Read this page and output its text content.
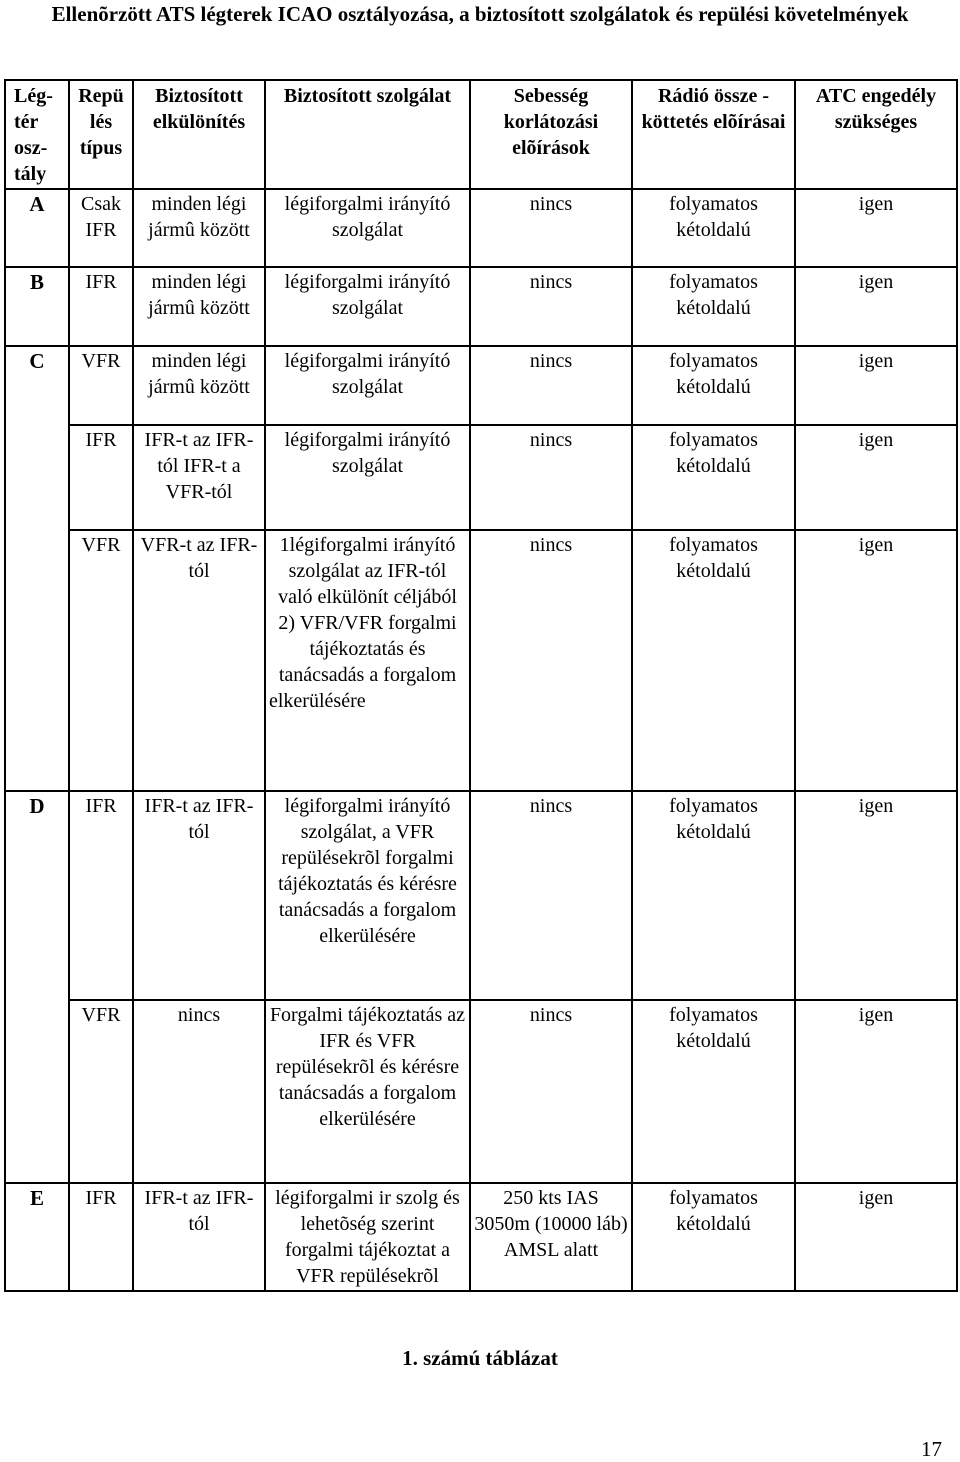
Ellenõrzött ATS légterek ICAO osztályozása, a biztosított szolgálatok és repülési követelmények
Lég-tér osz-tály	Repü lés típus	Biztosított elkülönítés	Biztosított szolgálat	Sebesség korlátozási elõírások	Rádió össze -köttetés elõírásai	ATC engedély szükséges
A	Csak IFR	minden légi jármû között	légiforgalmi irányító szolgálat	nincs	folyamatos kétoldalú	igen
B	IFR	minden légi jármû között	légiforgalmi irányító szolgálat	nincs	folyamatos kétoldalú	igen
C	VFR	minden légi jármû között	légiforgalmi irányító szolgálat	nincs	folyamatos kétoldalú	igen
	IFR	IFR-t az IFR-tól IFR-t a VFR-tól	légiforgalmi irányító szolgálat	nincs	folyamatos kétoldalú	igen
	VFR	VFR-t az IFR-tól	1légiforgalmi irányító szolgálat az IFR-tól való elkülönít céljából 2) VFR/VFR forgalmi tájékoztatás és tanácsadás a forgalom elkerülésére	nincs	folyamatos kétoldalú	igen
D	IFR	IFR-t az IFR-tól	légiforgalmi irányító szolgálat, a VFR repülésekrõl forgalmi tájékoztatás és kérésre tanácsadás a forgalom elkerülésére	nincs	folyamatos kétoldalú	igen
	VFR	nincs	Forgalmi tájékoztatás az IFR és VFR repülésekrõl és kérésre tanácsadás a forgalom elkerülésére	nincs	folyamatos kétoldalú	igen
E	IFR	IFR-t az IFR-tól	légiforgalmi ir szolg és lehetõség szerint forgalmi tájékoztat a VFR repülésekrõl	250 kts IAS 3050m (10000 láb) AMSL alatt	folyamatos kétoldalú	igen
1. számú táblázat
17
